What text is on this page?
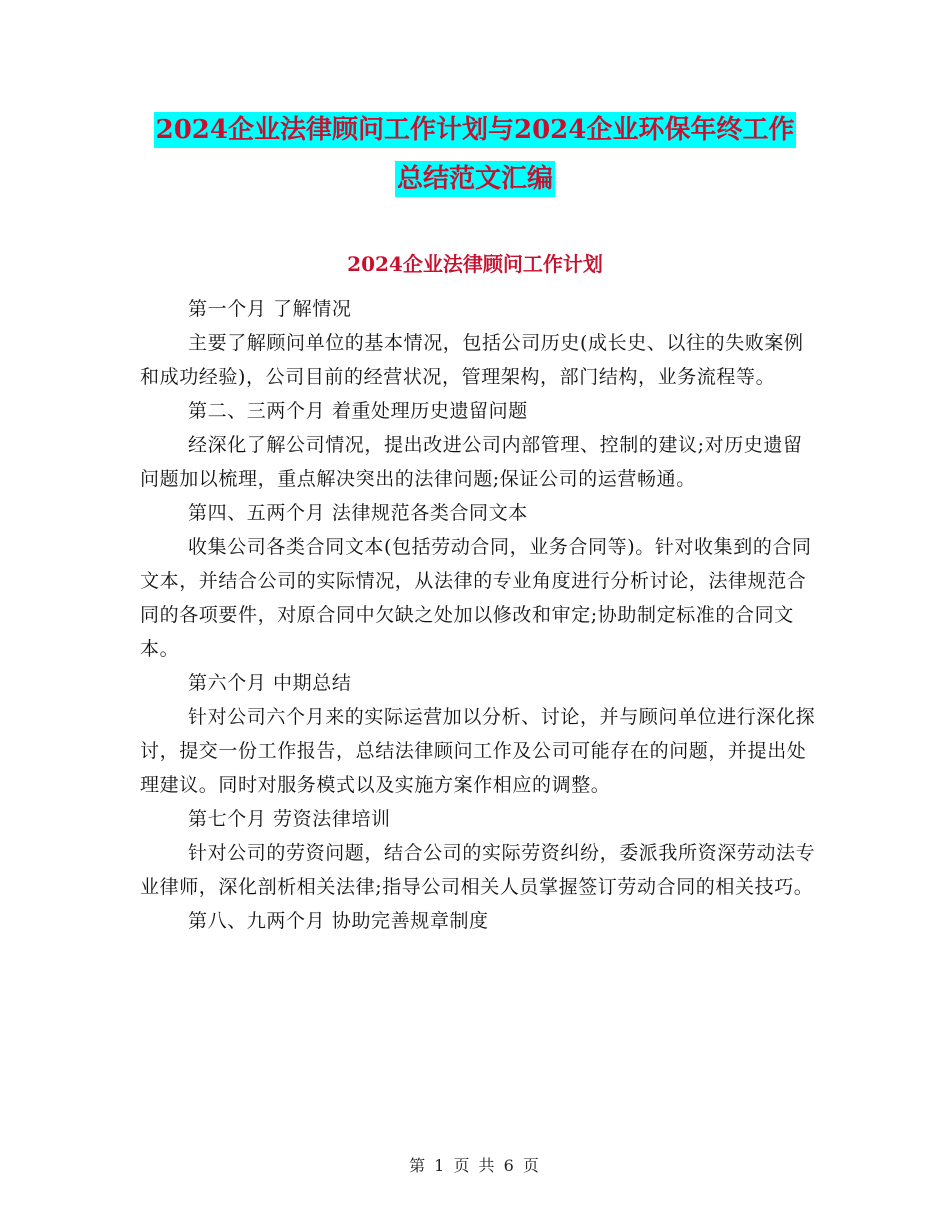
2024企业法律顾问工作计划与2024企业环保年终工作
总结范文汇编
2024企业法律顾问工作计划

第一个月 了解情况

主要了解顾问单位的基本情况，包括公司历史(成长史、以往的失败案例和成功经验)，公司目前的经营状况，管理架构，部门结构，业务流程等。

第二、三两个月 着重处理历史遗留问题

经深化了解公司情况，提出改进公司内部管理、控制的建议;对历史遗留问题加以梳理，重点解决突出的法律问题;保证公司的运营畅通。

第四、五两个月 法律规范各类合同文本

收集公司各类合同文本(包括劳动合同，业务合同等)。针对收集到的合同文本，并结合公司的实际情况，从法律的专业角度进行分析讨论，法律规范合同的各项要件，对原合同中欠缺之处加以修改和审定;协助制定标准的合同文本。

第六个月 中期总结

针对公司六个月来的实际运营加以分析、讨论，并与顾问单位进行深化探讨，提交一份工作报告，总结法律顾问工作及公司可能存在的问题，并提出处理建议。同时对服务模式以及实施方案作相应的调整。

第七个月 劳资法律培训

针对公司的劳资问题，结合公司的实际劳资纠纷，委派我所资深劳动法专业律师，深化剖析相关法律;指导公司相关人员掌握签订劳动合同的相关技巧。

第八、九两个月 协助完善规章制度

第 1 页 共 6 页
